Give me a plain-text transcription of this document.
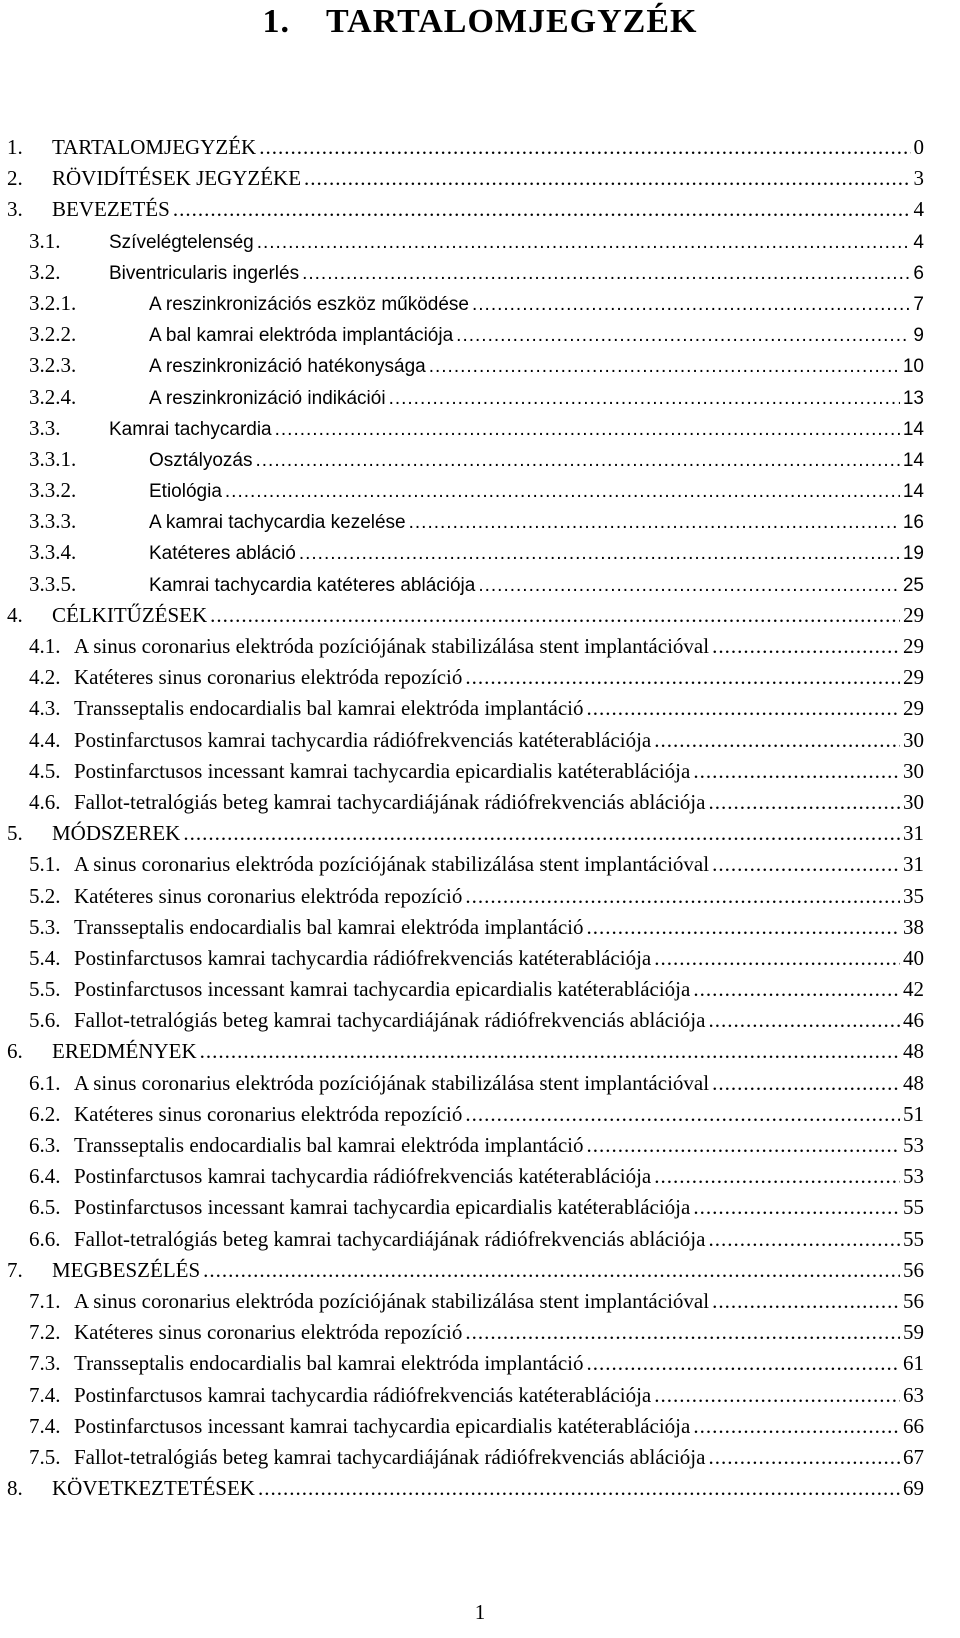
1. TARTALOMJEGYZÉK
1.	TARTALOMJEGYZÉK .....	0
2.	RÖVIDÍTÉSEK JEGYZÉKE .....	3
3.	BEVEZETÉS .....	4
3.1.	Szívelégtelenség .....	4
3.2.	Biventricularis ingerlés .....	6
3.2.1.	A reszinkronizációs eszköz működése .....	7
3.2.2.	A bal kamrai elektróda implantációja .....	9
3.2.3.	A reszinkronizáció hatékonysága .....	10
3.2.4.	A reszinkronizáció indikációi .....	13
3.3.	Kamrai tachycardia .....	14
3.3.1.	Osztályozás .....	14
3.3.2.	Etiológia .....	14
3.3.3.	A kamrai tachycardia kezelése .....	16
3.3.4.	Katéteres abláció .....	19
3.3.5.	Kamrai tachycardia katéteres ablációja .....	25
4.	CÉLKITŰZÉSEK .....	29
4.1. A sinus coronarius elektróda pozíciójának stabilizálása stent implantációval .....	29
4.2. Katéteres sinus coronarius elektróda repozíció .....	29
4.3. Transseptalis endocardialis bal kamrai elektróda implantáció .....	29
4.4. Postinfarctusos kamrai tachycardia rádiófrekvenciás katéterablációja .....	30
4.5. Postinfarctusos incessant kamrai tachycardia epicardialis katéterablációja .....	30
4.6. Fallot-tetralógiás beteg kamrai tachycardiájának rádiófrekvenciás ablációja .....	30
5.	MÓDSZEREK .....	31
5.1. A sinus coronarius elektróda pozíciójának stabilizálása stent implantációval .....	31
5.2. Katéteres sinus coronarius elektróda repozíció .....	35
5.3. Transseptalis endocardialis bal kamrai elektróda implantáció .....	38
5.4. Postinfarctusos kamrai tachycardia rádiófrekvenciás katéterablációja .....	40
5.5. Postinfarctusos incessant kamrai tachycardia epicardialis katéterablációja .....	42
5.6. Fallot-tetralógiás beteg kamrai tachycardiájának rádiófrekvenciás ablációja .....	46
6.	EREDMÉNYEK .....	48
6.1. A sinus coronarius elektróda pozíciójának stabilizálása stent implantációval .....	48
6.2. Katéteres sinus coronarius elektróda repozíció .....	51
6.3. Transseptalis endocardialis bal kamrai elektróda implantáció .....	53
6.4. Postinfarctusos kamrai tachycardia rádiófrekvenciás katéterablációja .....	53
6.5. Postinfarctusos incessant kamrai tachycardia epicardialis katéterablációja .....	55
6.6. Fallot-tetralógiás beteg kamrai tachycardiájának rádiófrekvenciás ablációja .....	55
7.	MEGBESZÉLÉS .....	56
7.1. A sinus coronarius elektróda pozíciójának stabilizálása stent implantációval .....	56
7.2. Katéteres sinus coronarius elektróda repozíció .....	59
7.3. Transseptalis endocardialis bal kamrai elektróda implantáció .....	61
7.4. Postinfarctusos kamrai tachycardia rádiófrekvenciás katéterablációja .....	63
7.4. Postinfarctusos incessant kamrai tachycardia epicardialis katéterablációja .....	66
7.5. Fallot-tetralógiás beteg kamrai tachycardiájának rádiófrekvenciás ablációja .....	67
8.	KÖVETKEZTETÉSEK .....	69
1
